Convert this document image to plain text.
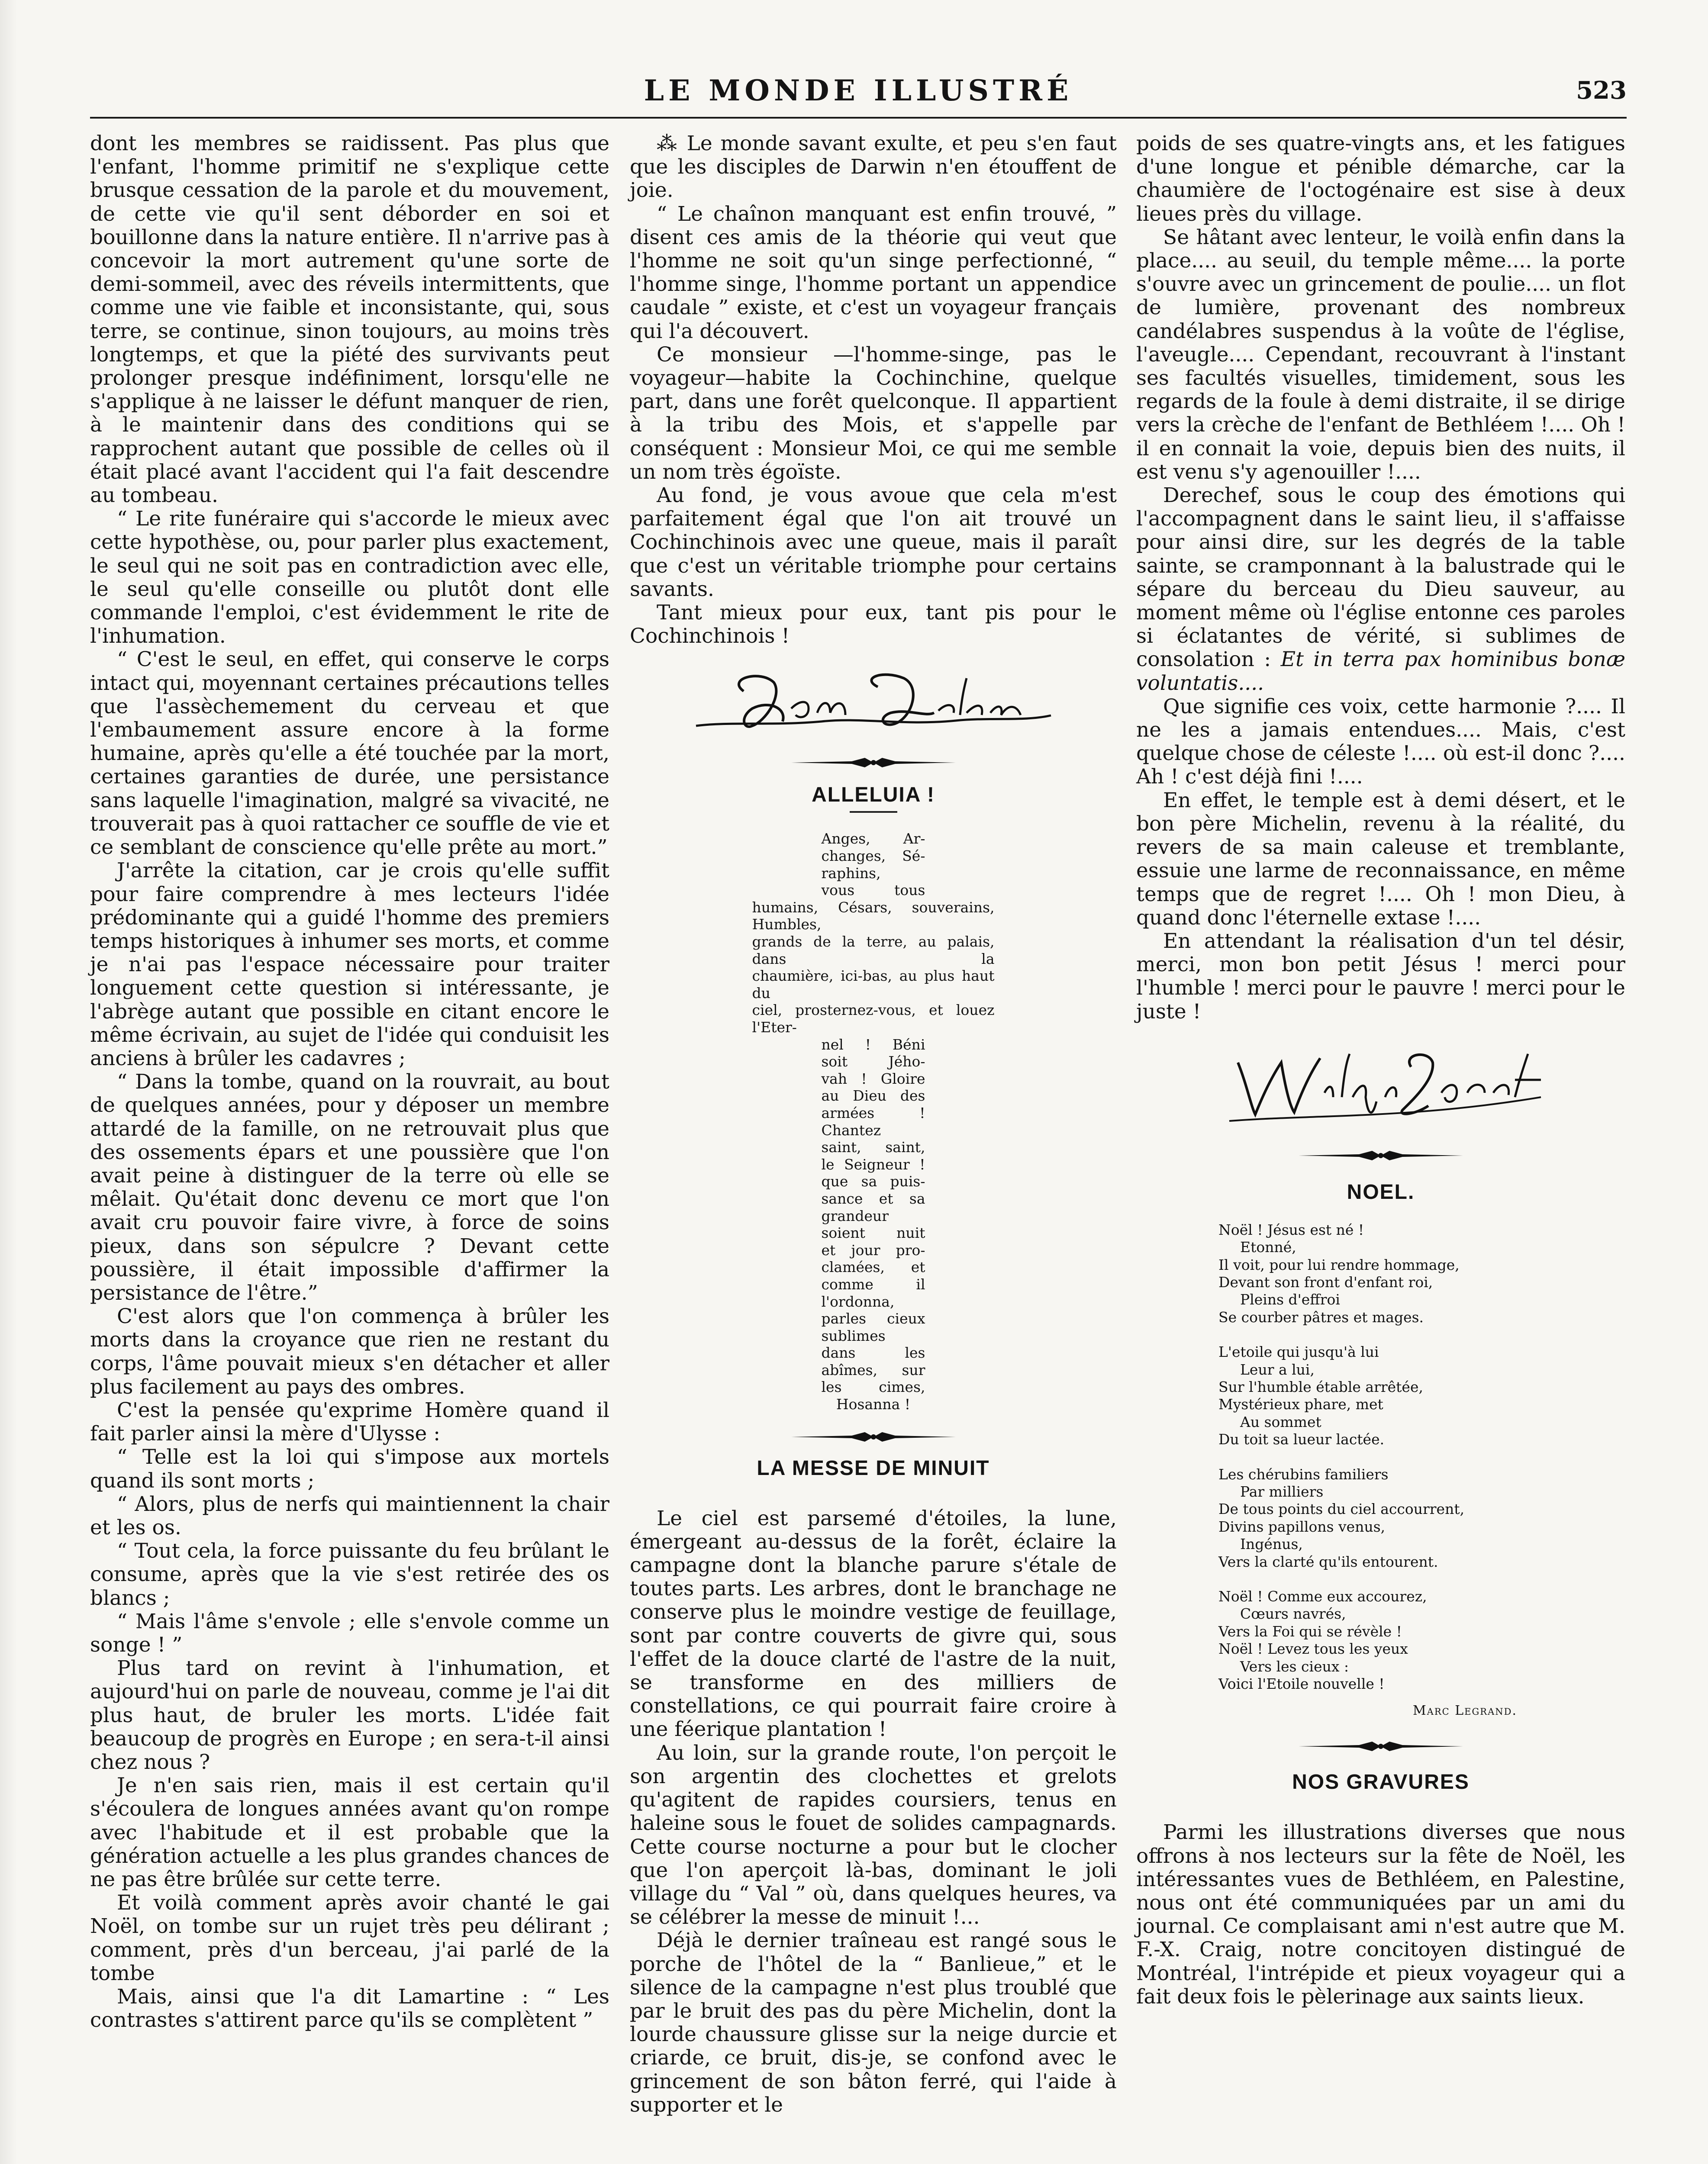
LE MONDE ILLUSTRÉ	523

dont les membres se raidissent. Pas plus que l'enfant, l'homme primitif ne s'explique cette brusque cessation de la parole et du mouvement, de cette vie qu'il sent déborder en soi et bouillonne dans la nature entière. Il n'arrive pas à concevoir la mort autrement qu'une sorte de demi-sommeil, avec des réveils intermittents, que comme une vie faible et inconsistante, qui, sous terre, se continue, sinon toujours, au moins très longtemps, et que la piété des survivants peut prolonger presque indéfiniment, lorsqu'elle ne s'applique à ne laisser le défunt manquer de rien, à le maintenir dans des conditions qui se rapprochent autant que possible de celles où il était placé avant l'accident qui l'a fait descendre au tombeau.

“ Le rite funéraire qui s'accorde le mieux avec cette hypothèse, ou, pour parler plus exactement, le seul qui ne soit pas en contradiction avec elle, le seul qu'elle conseille ou plutôt dont elle commande l'emploi, c'est évidemment le rite de l'inhumation.

“ C'est le seul, en effet, qui conserve le corps intact qui, moyennant certaines précautions telles que l'assèchemement du cerveau et que l'embaumement assure encore à la forme humaine, après qu'elle a été touchée par la mort, certaines garanties de durée, une persistance sans laquelle l'imagination, malgré sa vivacité, ne trouverait pas à quoi rattacher ce souffle de vie et ce semblant de conscience qu'elle prête au mort.”

J'arrête la citation, car je crois qu'elle suffit pour faire comprendre à mes lecteurs l'idée prédominante qui a guidé l'homme des premiers temps historiques à inhumer ses morts, et comme je n'ai pas l'espace nécessaire pour traiter longuement cette question si intéressante, je l'abrège autant que possible en citant encore le même écrivain, au sujet de l'idée qui conduisit les anciens à brûler les cadavres ;

“ Dans la tombe, quand on la rouvrait, au bout de quelques années, pour y déposer un membre attardé de la famille, on ne retrouvait plus que des ossements épars et une poussière que l'on avait peine à distinguer de la terre où elle se mêlait. Qu'était donc devenu ce mort que l'on avait cru pouvoir faire vivre, à force de soins pieux, dans son sépulcre ? Devant cette poussière, il était impossible d'affirmer la persistance de l'être.”

C'est alors que l'on commença à brûler les morts dans la croyance que rien ne restant du corps, l'âme pouvait mieux s'en détacher et aller plus facilement au pays des ombres.

C'est la pensée qu'exprime Homère quand il fait parler ainsi la mère d'Ulysse :

“ Telle est la loi qui s'impose aux mortels quand ils sont morts ;

“ Alors, plus de nerfs qui maintiennent la chair et les os.

“ Tout cela, la force puissante du feu brûlant le consume, après que la vie s'est retirée des os blancs ;

“ Mais l'âme s'envole ; elle s'envole comme un songe ! ”

Plus tard on revint à l'inhumation, et aujourd'hui on parle de nouveau, comme je l'ai dit plus haut, de bruler les morts. L'idée fait beaucoup de progrès en Europe ; en sera-t-il ainsi chez nous ?

Je n'en sais rien, mais il est certain qu'il s'écoulera de longues années avant qu'on rompe avec l'habitude et il est probable que la génération actuelle a les plus grandes chances de ne pas être brûlée sur cette terre.

Et voilà comment après avoir chanté le gai Noël, on tombe sur un rujet très peu délirant ; comment, près d'un berceau, j'ai parlé de la tombe

Mais, ainsi que l'a dit Lamartine : “ Les contrastes s'attirent parce qu'ils se complètent ”

⁂ Le monde savant exulte, et peu s'en faut que les disciples de Darwin n'en étouffent de joie.

“ Le chaînon manquant est enfin trouvé, ” disent ces amis de la théorie qui veut que l'homme ne soit qu'un singe perfectionné, “ l'homme singe, l'homme portant un appendice caudale ” existe, et c'est un voyageur français qui l'a découvert.

Ce monsieur —l'homme-singe, pas le voyageur—habite la Cochinchine, quelque part, dans une forêt quelconque. Il appartient à la tribu des Mois, et s'appelle par conséquent : Monsieur Moi, ce qui me semble un nom très égoïste.

Au fond, je vous avoue que cela m'est parfaitement égal que l'on ait trouvé un Cochinchinois avec une queue, mais il paraît que c'est un véritable triomphe pour certains savants.

Tant mieux pour eux, tant pis pour le Cochinchinois !

ALLELUIA !
Anges, Ar-
changes, Sé-
raphins,
vous tous
humains, Césars, souverains, Humbles,
grands de la terre, au palais, dans la
chaumière, ici-bas, au plus haut du
ciel, prosternez-vous, et louez l'Eter-
nel ! Béni
soit Jého-
vah ! Gloire
au Dieu des
armées !
Chantez
saint, saint,
le Seigneur !
que sa puis-
sance et sa
grandeur
soient nuit
et jour pro-
clamées, et
comme il
l'ordonna,
parles cieux
sublimes
dans les
abîmes, sur
les cimes,
Hosanna !
LA MESSE DE MINUIT

Le ciel est parsemé d'étoiles, la lune, émergeant au-dessus de la forêt, éclaire la campagne dont la blanche parure s'étale de toutes parts. Les arbres, dont le branchage ne conserve plus le moindre vestige de feuillage, sont par contre couverts de givre qui, sous l'effet de la douce clarté de l'astre de la nuit, se transforme en des milliers de constellations, ce qui pourrait faire croire à une féerique plantation !

Au loin, sur la grande route, l'on perçoit le son argentin des clochettes et grelots qu'agitent de rapides coursiers, tenus en haleine sous le fouet de solides campagnards. Cette course nocturne a pour but le clocher que l'on aperçoit là-bas, dominant le joli village du “ Val ” où, dans quelques heures, va se célébrer la messe de minuit !...

Déjà le dernier traîneau est rangé sous le porche de l'hôtel de la “ Banlieue,” et le silence de la campagne n'est plus troublé que par le bruit des pas du père Michelin, dont la lourde chaussure glisse sur la neige durcie et criarde, ce bruit, dis-je, se confond avec le grincement de son bâton ferré, qui l'aide à supporter et le

poids de ses quatre-vingts ans, et les fatigues d'une longue et pénible démarche, car la chaumière de l'octogénaire est sise à deux lieues près du village.

Se hâtant avec lenteur, le voilà enfin dans la place.... au seuil, du temple même.... la porte s'ouvre avec un grincement de poulie.... un flot de lumière, provenant des nombreux candélabres suspendus à la voûte de l'église, l'aveugle.... Cependant, recouvrant à l'instant ses facultés visuelles, timidement, sous les regards de la foule à demi distraite, il se dirige vers la crèche de l'enfant de Bethléem !.... Oh ! il en connait la voie, depuis bien des nuits, il est venu s'y agenouiller !....

Derechef, sous le coup des émotions qui l'accompagnent dans le saint lieu, il s'affaisse pour ainsi dire, sur les degrés de la table sainte, se cramponnant à la balustrade qui le sépare du berceau du Dieu sauveur, au moment même où l'église entonne ces paroles si éclatantes de vérité, si sublimes de consolation : Et in terra pax hominibus bonæ voluntatis....

Que signifie ces voix, cette harmonie ?.... Il ne les a jamais entendues.... Mais, c'est quelque chose de céleste !.... où est-il donc ?.... Ah ! c'est déjà fini !....

En effet, le temple est à demi désert, et le bon père Michelin, revenu à la réalité, du revers de sa main caleuse et tremblante, essuie une larme de reconnaissance, en même temps que de regret !.... Oh ! mon Dieu, à quand donc l'éternelle extase !....

En attendant la réalisation d'un tel désir, merci, mon bon petit Jésus ! merci pour l'humble ! merci pour le pauvre ! merci pour le juste !

NOEL.
Noël ! Jésus est né !
Etonné,
Il voit, pour lui rendre hommage,
Devant son front d'enfant roi,
Pleins d'effroi
Se courber pâtres et mages.
L'etoile qui jusqu'à lui
Leur a lui,
Sur l'humble étable arrêtée,
Mystérieux phare, met
Au sommet
Du toit sa lueur lactée.
Les chérubins familiers
Par milliers
De tous points du ciel accourrent,
Divins papillons venus,
Ingénus,
Vers la clarté qu'ils entourent.
Noël ! Comme eux accourez,
Cœurs navrés,
Vers la Foi qui se révèle !
Noël ! Levez tous les yeux
Vers les cieux :
Voici l'Etoile nouvelle !
Marc Legrand.
NOS GRAVURES

Parmi les illustrations diverses que nous offrons à nos lecteurs sur la fête de Noël, les intéressantes vues de Bethléem, en Palestine, nous ont été communiquées par un ami du journal. Ce complaisant ami n'est autre que M. F.-X. Craig, notre concitoyen distingué de Montréal, l'intrépide et pieux voyageur qui a fait deux fois le pèlerinage aux saints lieux.
